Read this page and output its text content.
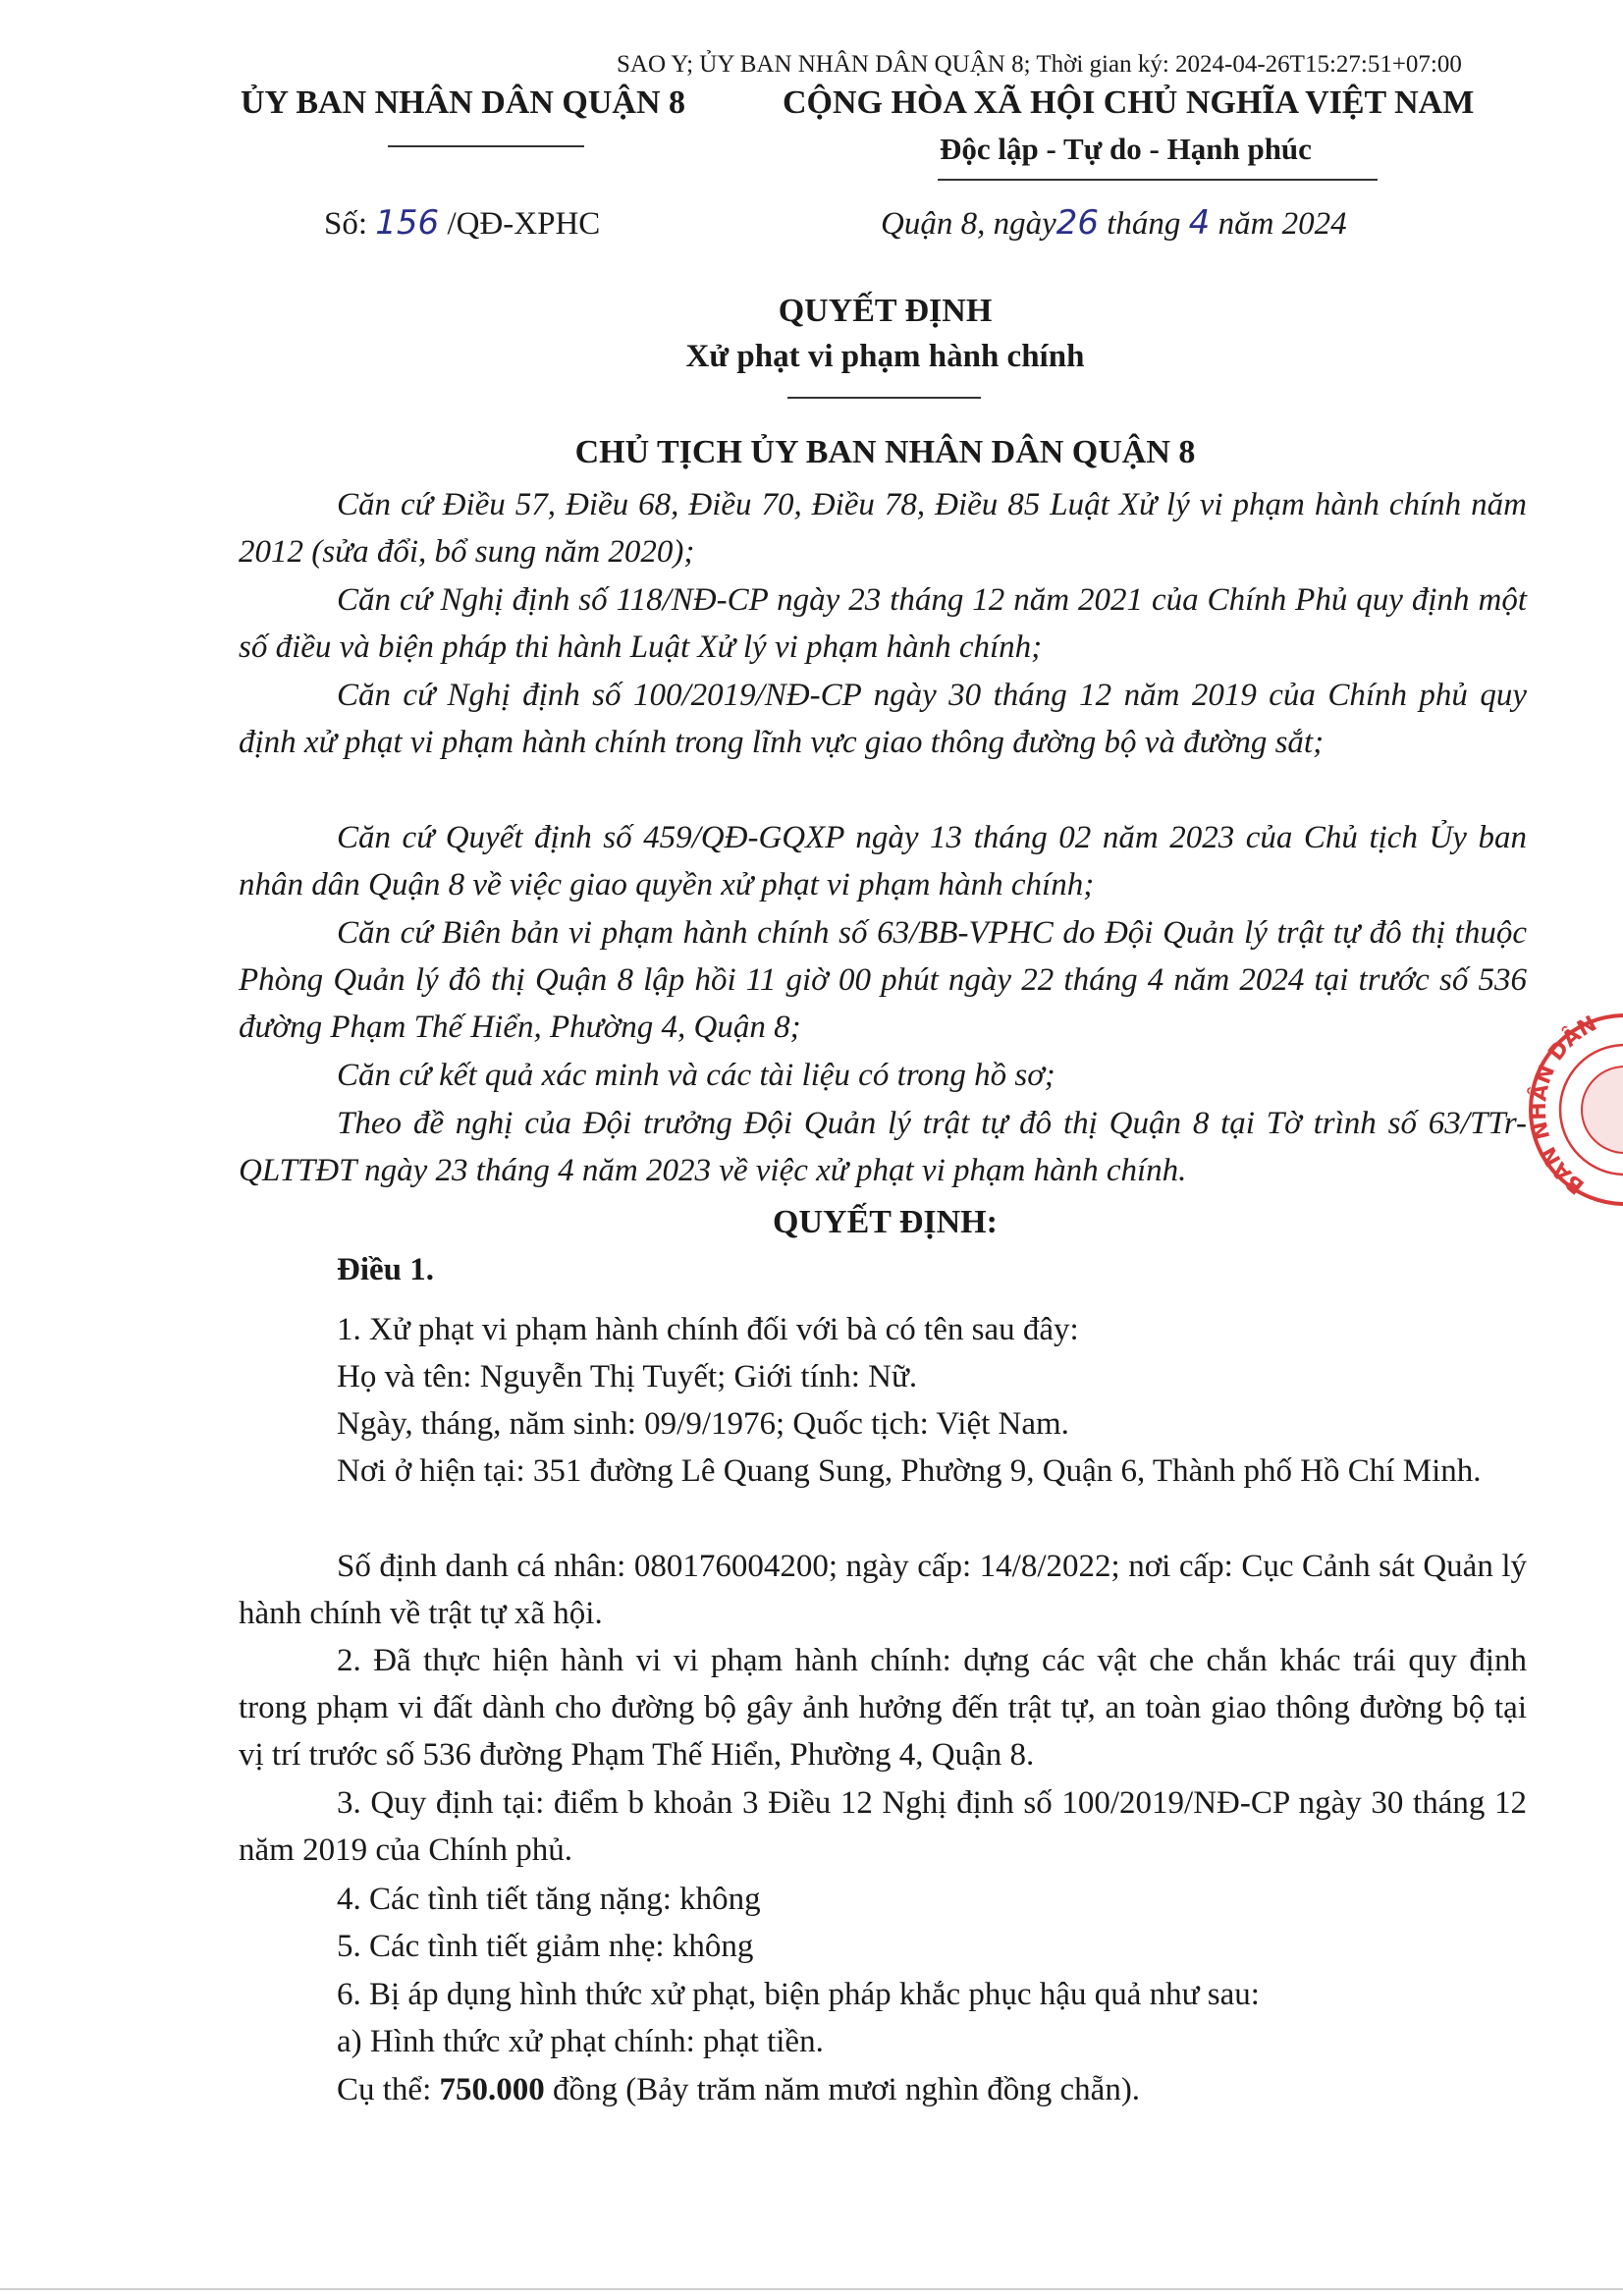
SAO Y; ỦY BAN NHÂN DÂN QUẬN 8; Thời gian ký: 2024-04-26T15:27:51+07:00
ỦY BAN NHÂN DÂN QUẬN 8	CỘNG HÒA XÃ HỘI CHỦ NGHĨA VIỆT NAM
Độc lập - Tự do - Hạnh phúc
Số: 156 /QĐ-XPHC	Quận 8, ngày26 tháng 4 năm 2024
QUYẾT ĐỊNH
Xử phạt vi phạm hành chính
CHỦ TỊCH ỦY BAN NHÂN DÂN QUẬN 8
Căn cứ Điều 57, Điều 68, Điều 70, Điều 78, Điều 85 Luật Xử lý vi phạm hành chính năm 2012 (sửa đổi, bổ sung năm 2020);
Căn cứ Nghị định số 118/NĐ-CP ngày 23 tháng 12 năm 2021 của Chính Phủ quy định một số điều và biện pháp thi hành Luật Xử lý vi phạm hành chính;
Căn cứ Nghị định số 100/2019/NĐ-CP ngày 30 tháng 12 năm 2019 của Chính phủ quy định xử phạt vi phạm hành chính trong lĩnh vực giao thông đường bộ và đường sắt;
Căn cứ Quyết định số 459/QĐ-GQXP ngày 13 tháng 02 năm 2023 của Chủ tịch Ủy ban nhân dân Quận 8 về việc giao quyền xử phạt vi phạm hành chính;
Căn cứ Biên bản vi phạm hành chính số 63/BB-VPHC do Đội Quản lý trật tự đô thị thuộc Phòng Quản lý đô thị Quận 8 lập hồi 11 giờ 00 phút ngày 22 tháng 4 năm 2024 tại trước số 536 đường Phạm Thế Hiển, Phường 4, Quận 8;
Căn cứ kết quả xác minh và các tài liệu có trong hồ sơ;
Theo đề nghị của Đội trưởng Đội Quản lý trật tự đô thị Quận 8 tại Tờ trình số 63/TTr-QLTTĐT ngày 23 tháng 4 năm 2023 về việc xử phạt vi phạm hành chính.
QUYẾT ĐỊNH:
Điều 1.
1. Xử phạt vi phạm hành chính đối với bà có tên sau đây:
Họ và tên: Nguyễn Thị Tuyết; Giới tính: Nữ.
Ngày, tháng, năm sinh: 09/9/1976; Quốc tịch: Việt Nam.
Nơi ở hiện tại: 351 đường Lê Quang Sung, Phường 9, Quận 6, Thành phố Hồ Chí Minh.
Số định danh cá nhân: 080176004200; ngày cấp: 14/8/2022; nơi cấp: Cục Cảnh sát Quản lý hành chính về trật tự xã hội.
2. Đã thực hiện hành vi vi phạm hành chính: dựng các vật che chắn khác trái quy định trong phạm vi đất dành cho đường bộ gây ảnh hưởng đến trật tự, an toàn giao thông đường bộ tại vị trí trước số 536 đường Phạm Thế Hiển, Phường 4, Quận 8.
3. Quy định tại: điểm b khoản 3 Điều 12 Nghị định số 100/2019/NĐ-CP ngày 30 tháng 12 năm 2019 của Chính phủ.
4. Các tình tiết tăng nặng: không
5. Các tình tiết giảm nhẹ: không
6. Bị áp dụng hình thức xử phạt, biện pháp khắc phục hậu quả như sau:
a) Hình thức xử phạt chính: phạt tiền.
Cụ thể: 750.000 đồng (Bảy trăm năm mươi nghìn đồng chẵn).
BAN NHÂN DÂN
